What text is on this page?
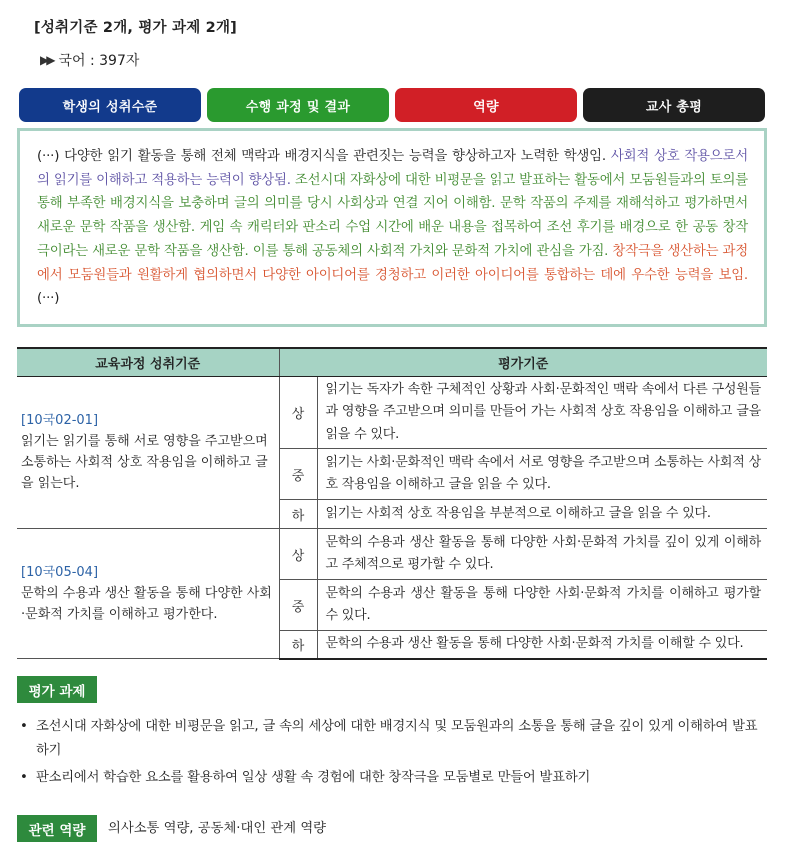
[성취기준 2개, 평가 과제 2개]
▶▶ 국어 : 397자
학생의 성취수준	수행 과정 및 결과	역량	교사 총평
(···) 다양한 읽기 활동을 통해 전체 맥락과 배경지식을 관련짓는 능력을 향상하고자 노력한 학생임. 사회적 상호 작용으로서의 읽기를 이해하고 적용하는 능력이 향상됨. 조선시대 자화상에 대한 비평문을 읽고 발표하는 활동에서 모둠원들과의 토의를 통해 부족한 배경지식을 보충하며 글의 의미를 당시 사회상과 연결 지어 이해함. 문학 작품의 주제를 재해석하고 평가하면서 새로운 문학 작품을 생산함. 게임 속 캐릭터와 판소리 수업 시간에 배운 내용을 접목하여 조선 후기를 배경으로 한 공동 창작극이라는 새로운 문학 작품을 생산함. 이를 통해 공동체의 사회적 가치와 문화적 가치에 관심을 가짐. 창작극을 생산하는 과정에서 모둠원들과 원활하게 협의하면서 다양한 아이디어를 경청하고 이러한 아이디어를 통합하는 데에 우수한 능력을 보임. (···)
교육과정 성취기준	평가기준	

[10국02-01]
읽기는 읽기를 통해 서로 영향을 주고받으며 소통하는 사회적 상호 작용임을 이해하고 글을 읽는다.	상	읽기는 독자가 속한 구체적인 상황과 사회·문화적인 맥락 속에서 다른 구성원들과 영향을 주고받으며 의미를 만들어 가는 사회적 상호 작용임을 이해하고 글을 읽을 수 있다.
	중	읽기는 사회·문화적인 맥락 속에서 서로 영향을 주고받으며 소통하는 사회적 상호 작용임을 이해하고 글을 읽을 수 있다.
	하	읽기는 사회적 상호 작용임을 부분적으로 이해하고 글을 읽을 수 있다.

[10국05-04]
문학의 수용과 생산 활동을 통해 다양한 사회·문화적 가치를 이해하고 평가한다.	상	문학의 수용과 생산 활동을 통해 다양한 사회·문화적 가치를 깊이 있게 이해하고 주체적으로 평가할 수 있다.
	중	문학의 수용과 생산 활동을 통해 다양한 사회·문화적 가치를 이해하고 평가할 수 있다.
	하	문학의 수용과 생산 활동을 통해 다양한 사회·문화적 가치를 이해할 수 있다.
평가 과제
• 조선시대 자화상에 대한 비평문을 읽고, 글 속의 세상에 대한 배경지식 및 모둠원과의 소통을 통해 글을 깊이 있게 이해하여 발표하기
• 판소리에서 학습한 요소를 활용하여 일상 생활 속 경험에 대한 창작극을 모둠별로 만들어 발표하기
관련 역량	의사소통 역량, 공동체·대인 관계 역량
